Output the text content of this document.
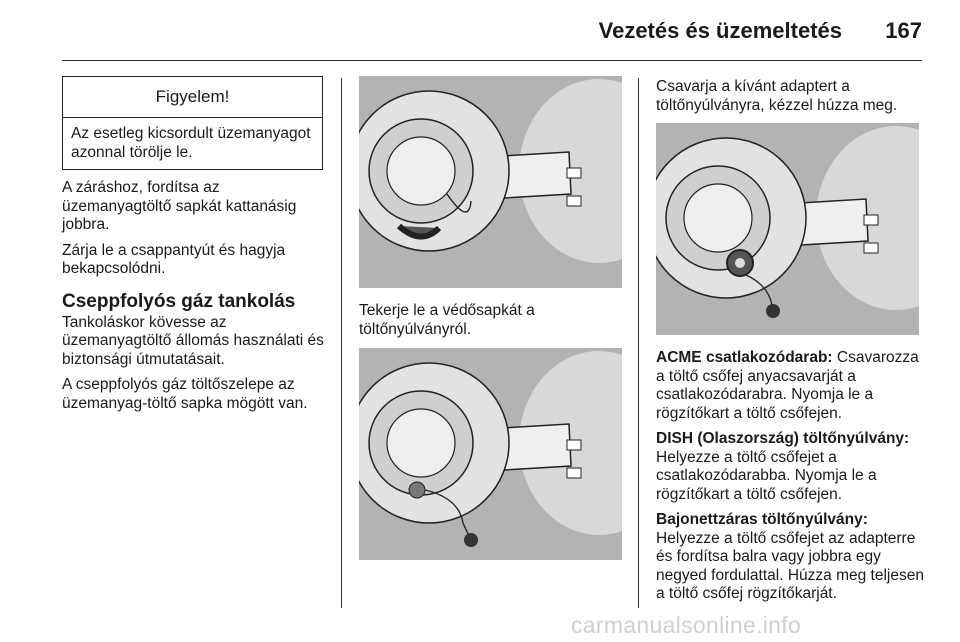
Vezetés és üzemeltetés 167
Figyelem!
Az esetleg kicsordult üzemanyagot azonnal törölje le.

A záráshoz, fordítsa az üzemanyagtöltő sapkát kattanásig jobbra.

Zárja le a csappantyút és hagyja bekapcsolódni.

Cseppfolyós gáz tankolás

Tankoláskor kövesse az üzemanyagtöltő állomás használati és biztonsági útmutatásait.

A cseppfolyós gáz töltőszelepe az üzemanyag-töltő sapka mögött van.

Tekerje le a védősapkát a töltőnyúlványról.
Csavarja a kívánt adaptert a töltőnyúlványra, kézzel húzza meg.

ACME csatlakozódarab: Csavarozza a töltő csőfej anyacsavarját a csatlakozódarabra. Nyomja le a rögzítőkart a töltő csőfejen.

DISH (Olaszország) töltőnyúlvány: Helyezze a töltő csőfejet a csatlakozódarabba. Nyomja le a rögzítőkart a töltő csőfejen.

Bajonettzáras töltőnyúlvány: Helyezze a töltő csőfejet az adapterre és fordítsa balra vagy jobbra egy negyed fordulattal. Húzza meg teljesen a töltő csőfej rögzítőkarját.

carmanualsonline.info
